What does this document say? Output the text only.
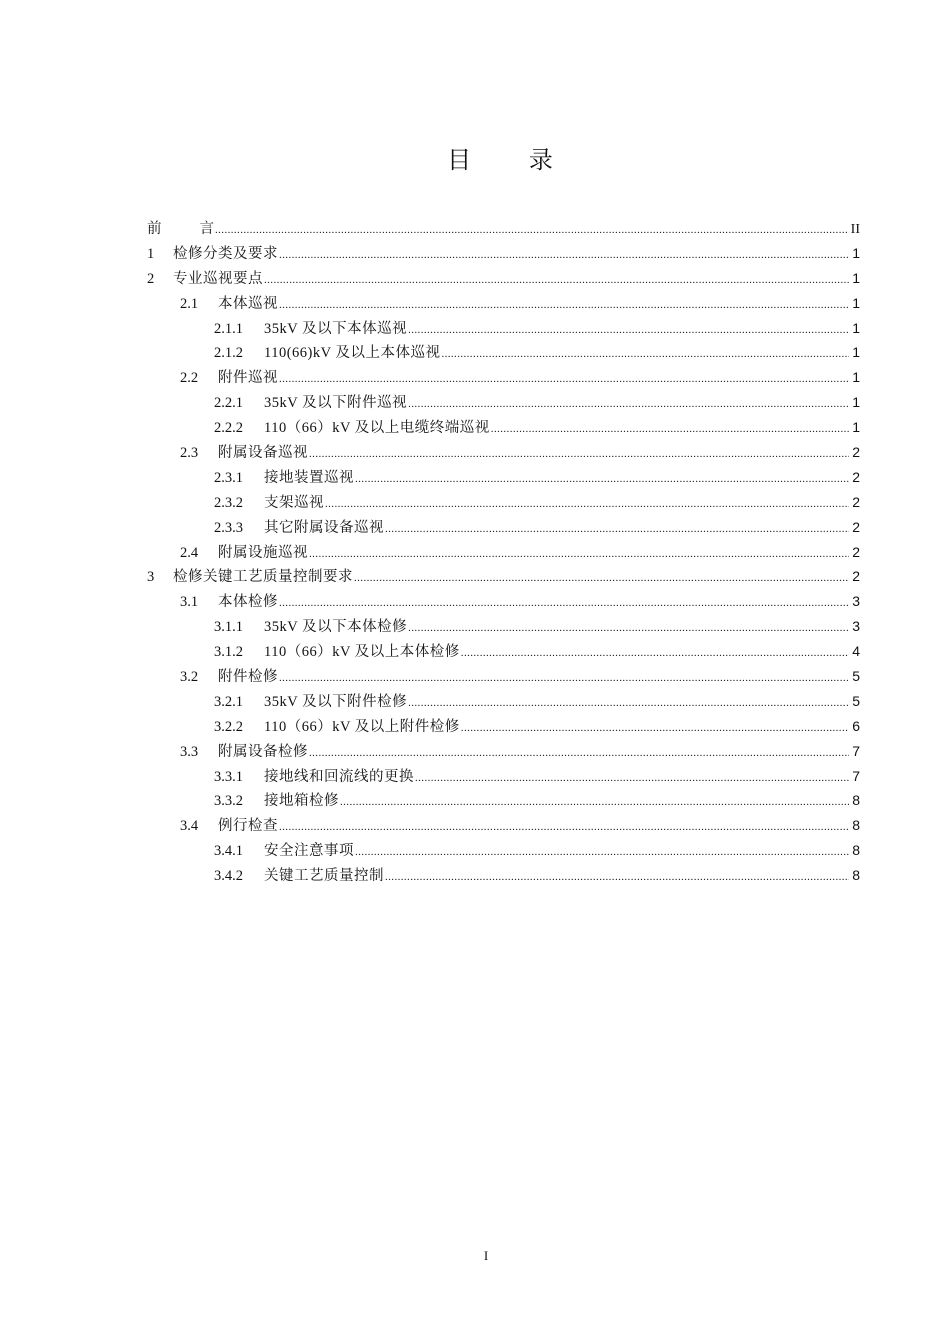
目 录
前	言 .....	II
1	检修分类及要求 .....	1
2	专业巡视要点 .....	1
2.1	本体巡视 .....	1
2.1.1	35kV 及以下本体巡视 .....	1
2.1.2	110(66)kV 及以上本体巡视 .....	1
2.2	附件巡视 .....	1
2.2.1	35kV 及以下附件巡视 .....	1
2.2.2	110（66）kV 及以上电缆终端巡视 .....	1
2.3	附属设备巡视 .....	2
2.3.1	接地装置巡视 .....	2
2.3.2	支架巡视 .....	2
2.3.3	其它附属设备巡视 .....	2
2.4	附属设施巡视 .....	2
3	检修关键工艺质量控制要求 .....	2
3.1	本体检修 .....	3
3.1.1	35kV 及以下本体检修 .....	3
3.1.2	110（66）kV 及以上本体检修 .....	4
3.2	附件检修 .....	5
3.2.1	35kV 及以下附件检修 .....	5
3.2.2	110（66）kV 及以上附件检修 .....	6
3.3	附属设备检修 .....	7
3.3.1	接地线和回流线的更换 .....	7
3.3.2	接地箱检修 .....	8
3.4	例行检查 .....	8
3.4.1	安全注意事项 .....	8
3.4.2	关键工艺质量控制 .....	8
I
